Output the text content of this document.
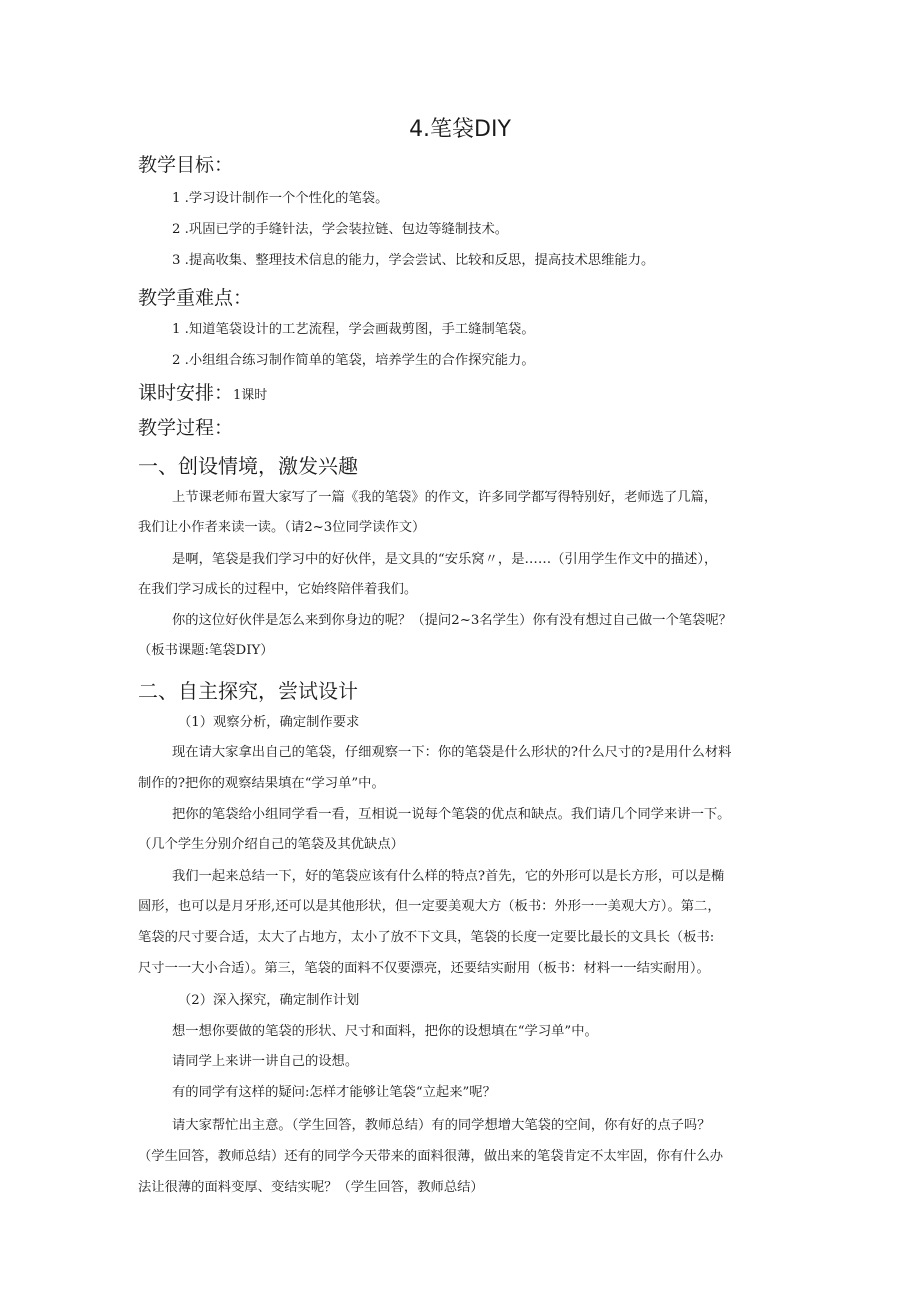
4.笔袋DIY
教学目标：
1 .学习设计制作一个个性化的笔袋。
2 .巩固已学的手缝针法，学会装拉链、包边等缝制技术。
3 .提高收集、整理技术信息的能力，学会尝试、比较和反思，提高技术思维能力。
教学重难点：
1 .知道笔袋设计的工艺流程，学会画裁剪图，手工缝制笔袋。
2 .小组组合练习制作简单的笔袋，培养学生的合作探究能力。
课时安排：1课时
教学过程：
一、创设情境，激发兴趣
上节课老师布置大家写了一篇《我的笔袋》的作文，许多同学都写得特别好，老师选了几篇，
我们让小作者来读一读。（请2~3位同学读作文）
是啊，笔袋是我们学习中的好伙伴，是文具的“安乐窝〃，是……（引用学生作文中的描述），
在我们学习成长的过程中，它始终陪伴着我们。
你的这位好伙伴是怎么来到你身边的呢？（提问2~3名学生）你有没有想过自己做一个笔袋呢？
（板书课题:笔袋DIY）
二、自主探究，尝试设计
（1）观察分析，确定制作要求
现在请大家拿出自己的笔袋，仔细观察一下：你的笔袋是什么形状的?什么尺寸的?是用什么材料
制作的?把你的观察结果填在“学习单”中。
把你的笔袋给小组同学看一看，互相说一说每个笔袋的优点和缺点。我们请几个同学来讲一下。
（几个学生分别介绍自己的笔袋及其优缺点）
我们一起来总结一下，好的笔袋应该有什么样的特点?首先，它的外形可以是长方形，可以是椭
圆形，也可以是月牙形,还可以是其他形状，但一定要美观大方（板书：外形一一美观大方）。第二，
笔袋的尺寸要合适，太大了占地方，太小了放不下文具，笔袋的长度一定要比最长的文具长（板书:
尺寸一一大小合适）。第三，笔袋的面料不仅要漂亮，还要结实耐用（板书：材料一一结实耐用）。
（2）深入探究，确定制作计划
想一想你要做的笔袋的形状、尺寸和面料，把你的设想填在“学习单”中。
请同学上来讲一讲自己的设想。
有的同学有这样的疑问:怎样才能够让笔袋“立起来”呢？
请大家帮忙出主意。（学生回答，教师总结）有的同学想增大笔袋的空间，你有好的点子吗？
（学生回答，教师总结）还有的同学今天带来的面料很薄，做出来的笔袋肯定不太牢固，你有什么办
法让很薄的面料变厚、变结实呢？（学生回答，教师总结）
